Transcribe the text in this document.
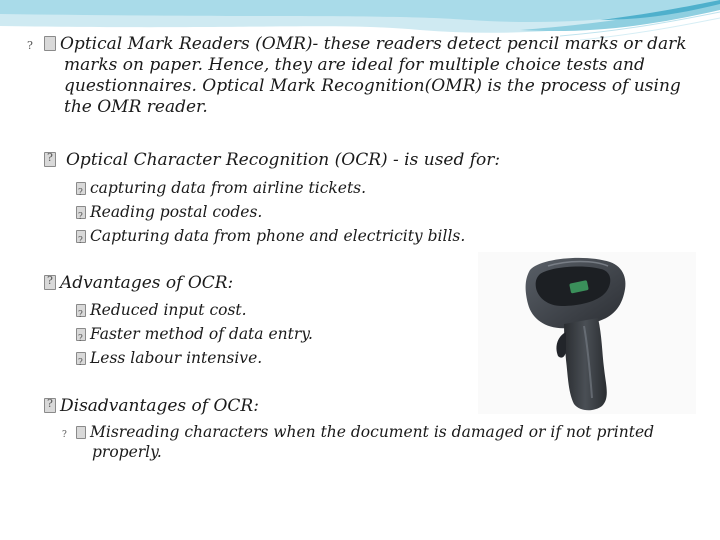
?Optical Mark Readers (OMR)- these readers detect pencil marks or dark marks on paper. Hence, they are ideal for multiple choice tests and questionnaires. Optical Mark Recognition(OMR) is the process of using the OMR reader.

?Optical Character Recognition (OCR) - is used for:
?capturing data from airline tickets.
?Reading postal codes.
?Capturing data from phone and electricity bills.
?Advantages of OCR:
?Reduced input cost.
?Faster method of data entry.
?Less labour intensive.
?Disadvantages of OCR:
?Misreading characters when the document is damaged or if not printed properly.
